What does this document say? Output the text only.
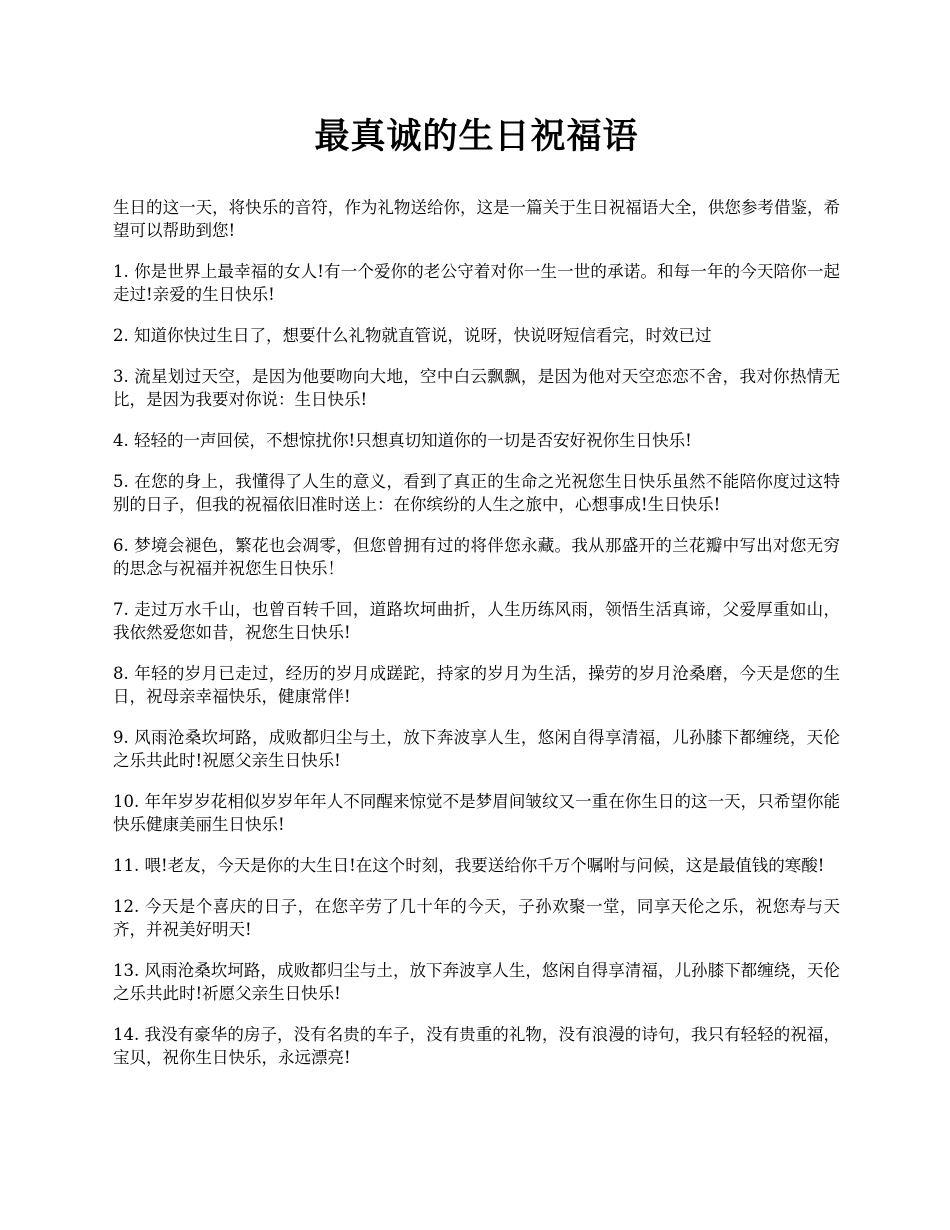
最真诚的生日祝福语

生日的这一天，将快乐的音符，作为礼物送给你，这是一篇关于生日祝福语大全，供您参考借鉴，希望可以帮助到您!

1. 你是世界上最幸福的女人!有一个爱你的老公守着对你一生一世的承诺。和每一年的今天陪你一起走过!亲爱的生日快乐!

2. 知道你快过生日了，想要什么礼物就直管说，说呀，快说呀短信看完，时效已过

3. 流星划过天空，是因为他要吻向大地，空中白云飘飘，是因为他对天空恋恋不舍，我对你热情无比，是因为我要对你说：生日快乐!

4. 轻轻的一声回侯，不想惊扰你!只想真切知道你的一切是否安好祝你生日快乐!

5. 在您的身上，我懂得了人生的意义，看到了真正的生命之光祝您生日快乐虽然不能陪你度过这特别的日子，但我的祝福依旧准时送上：在你缤纷的人生之旅中，心想事成!生日快乐!

6. 梦境会褪色，繁花也会凋零，但您曾拥有过的将伴您永藏。我从那盛开的兰花瓣中写出对您无穷的思念与祝福并祝您生日快乐！

7. 走过万水千山，也曾百转千回，道路坎坷曲折，人生历练风雨，领悟生活真谛，父爱厚重如山，我依然爱您如昔，祝您生日快乐!

8. 年轻的岁月已走过，经历的岁月成蹉跎，持家的岁月为生活，操劳的岁月沧桑磨，今天是您的生日，祝母亲幸福快乐，健康常伴!

9. 风雨沧桑坎坷路，成败都归尘与土，放下奔波享人生，悠闲自得享清福，儿孙膝下都缠绕，天伦之乐共此时!祝愿父亲生日快乐!

10. 年年岁岁花相似岁岁年年人不同醒来惊觉不是梦眉间皱纹又一重在你生日的这一天，只希望你能快乐健康美丽生日快乐!

11. 喂!老友，今天是你的大生日!在这个时刻，我要送给你千万个嘱咐与问候，这是最值钱的寒酸!

12. 今天是个喜庆的日子，在您辛劳了几十年的今天，子孙欢聚一堂，同享天伦之乐，祝您寿与天齐，并祝美好明天!

13. 风雨沧桑坎坷路，成败都归尘与土，放下奔波享人生，悠闲自得享清福，儿孙膝下都缠绕，天伦之乐共此时!祈愿父亲生日快乐!

14. 我没有豪华的房子，没有名贵的车子，没有贵重的礼物，没有浪漫的诗句，我只有轻轻的祝福，宝贝，祝你生日快乐，永远漂亮!
